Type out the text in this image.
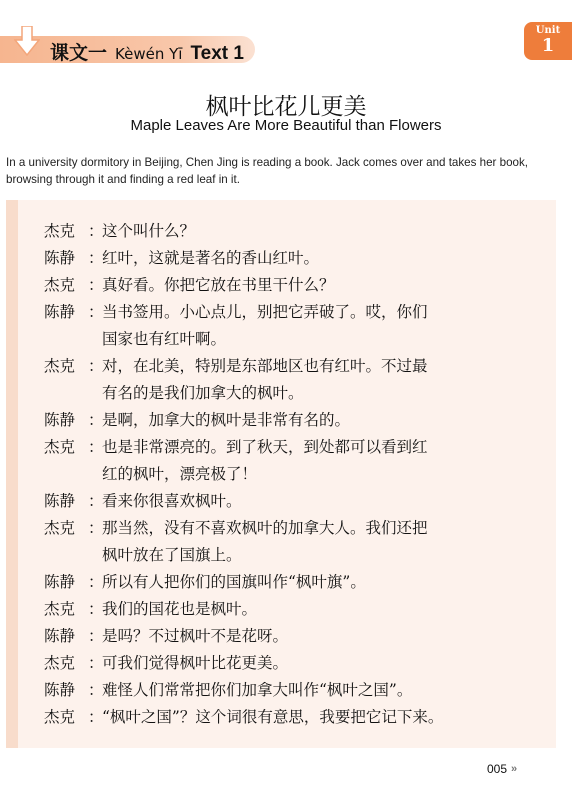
课文一 Kèwén Yī Text 1
Unit
1
枫叶比花儿更美
Maple Leaves Are More Beautiful than Flowers
In a university dormitory in Beijing, Chen Jing is reading a book. Jack comes over and takes her book, browsing through it and finding a red leaf in it.
杰克 ：
这个叫什么？
陈静 ：
红叶，这就是著名的香山红叶。
杰克 ：
真好看。你把它放在书里干什么？
陈静 ：
当书签用。小心点儿，别把它弄破了。哎，你们
国家也有红叶啊。
杰克 ：
对，在北美，特别是东部地区也有红叶。不过最
有名的是我们加拿大的枫叶。
陈静 ：
是啊，加拿大的枫叶是非常有名的。
杰克 ：
也是非常漂亮的。到了秋天，到处都可以看到红
红的枫叶，漂亮极了！
陈静 ：
看来你很喜欢枫叶。
杰克 ：
那当然，没有不喜欢枫叶的加拿大人。我们还把
枫叶放在了国旗上。
陈静 ：
所以有人把你们的国旗叫作“枫叶旗”。
杰克 ：
我们的国花也是枫叶。
陈静 ：
是吗？不过枫叶不是花呀。
杰克 ：
可我们觉得枫叶比花更美。
陈静 ：
难怪人们常常把你们加拿大叫作“枫叶之国”。
杰克 ：
“枫叶之国”？这个词很有意思，我要把它记下来。
005 »
